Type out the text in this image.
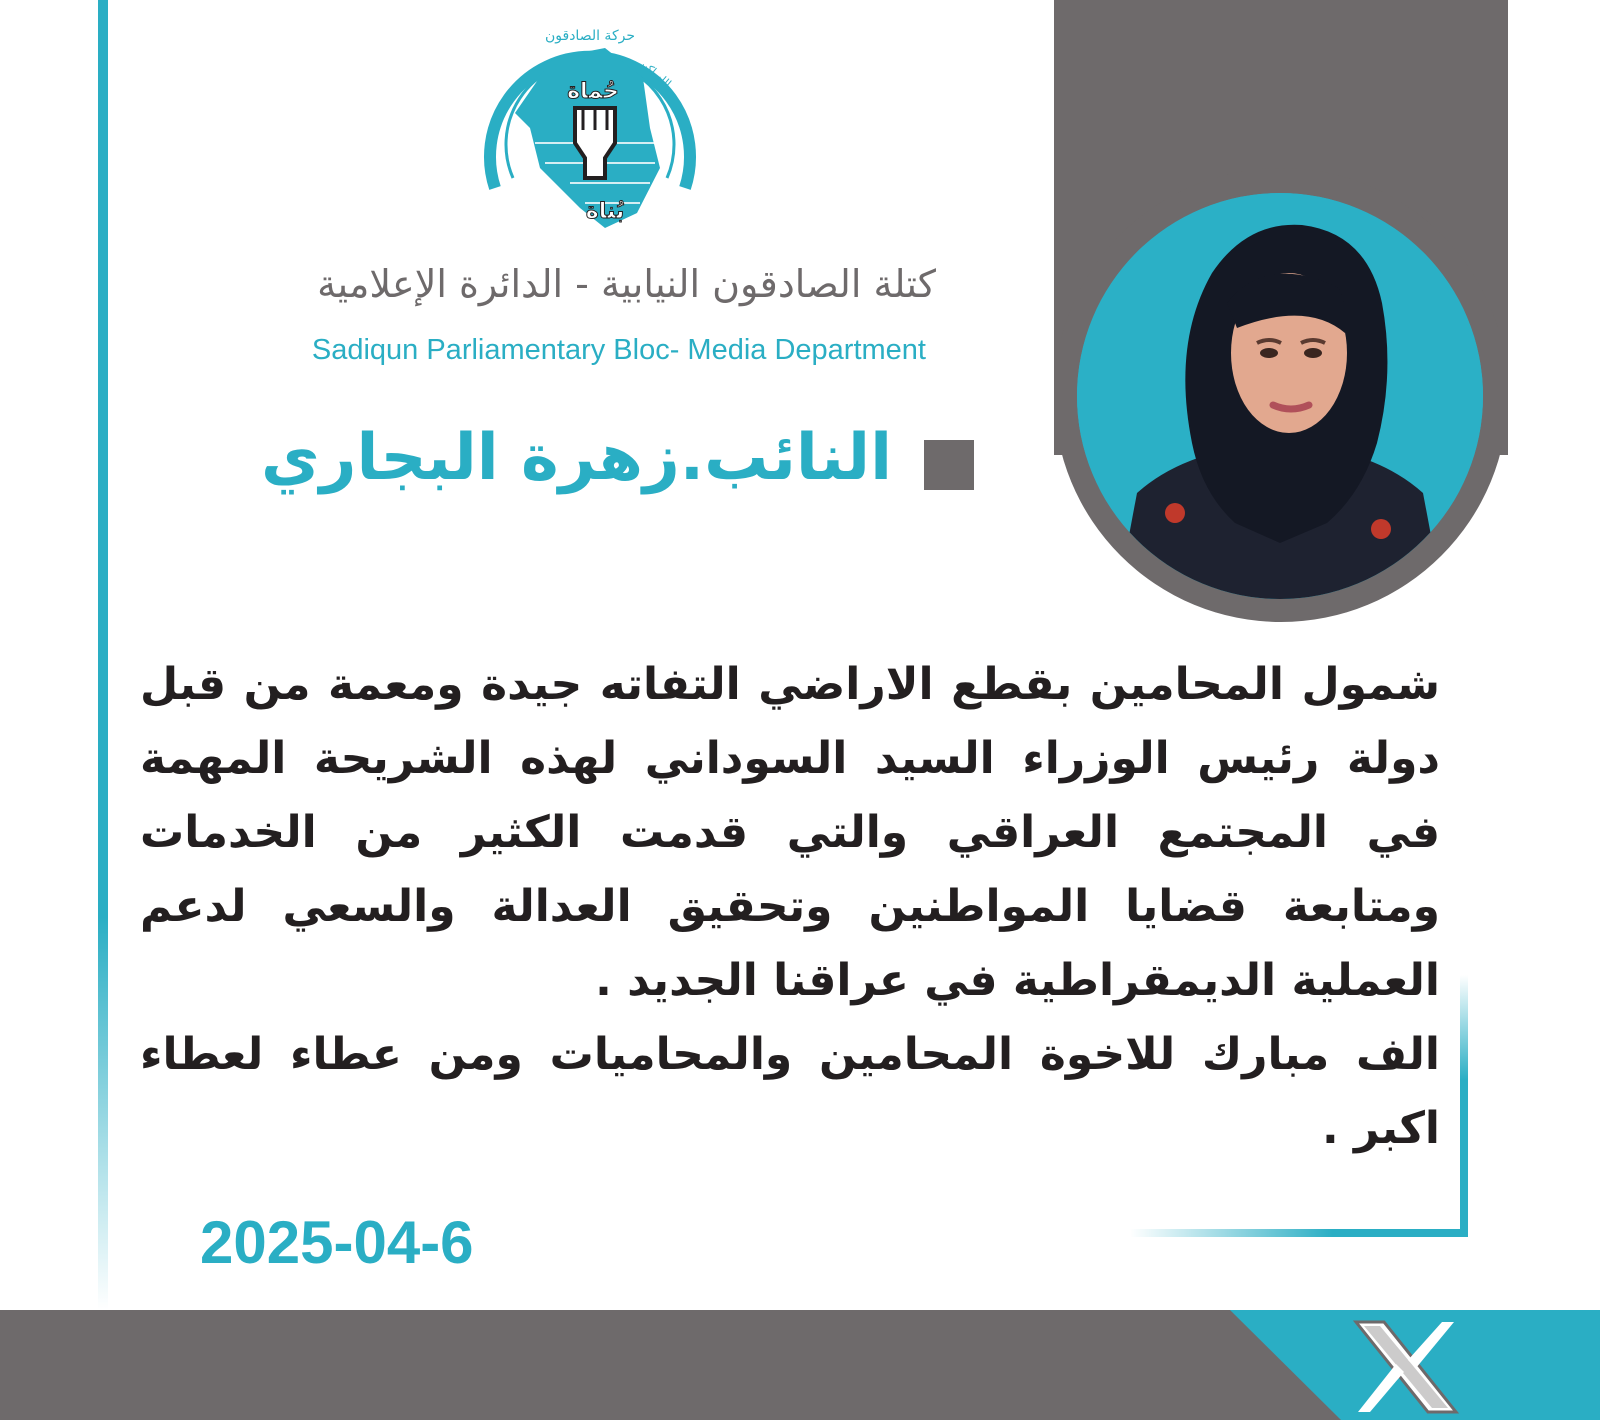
حُماة
بُناة
حركة الصادقون
الله اكبر
كتلة الصادقون النيابية - الدائرة الإعلامية
Sadiqun Parliamentary Bloc- Media Department
النائب.زهرة البجاري
شمول المحامين بقطع الاراضي التفاته جيدة ومعمة من قبل دولة رئيس الوزراء السيد السوداني لهذه الشريحة المهمة في المجتمع العراقي والتي قدمت الكثير من الخدمات ومتابعة قضايا المواطنين وتحقيق العدالة والسعي لدعم العملية الديمقراطية في عراقنا الجديد .
الف مبارك للاخوة المحامين والمحاميات ومن عطاء لعطاء اكبر .
2025-04-6
